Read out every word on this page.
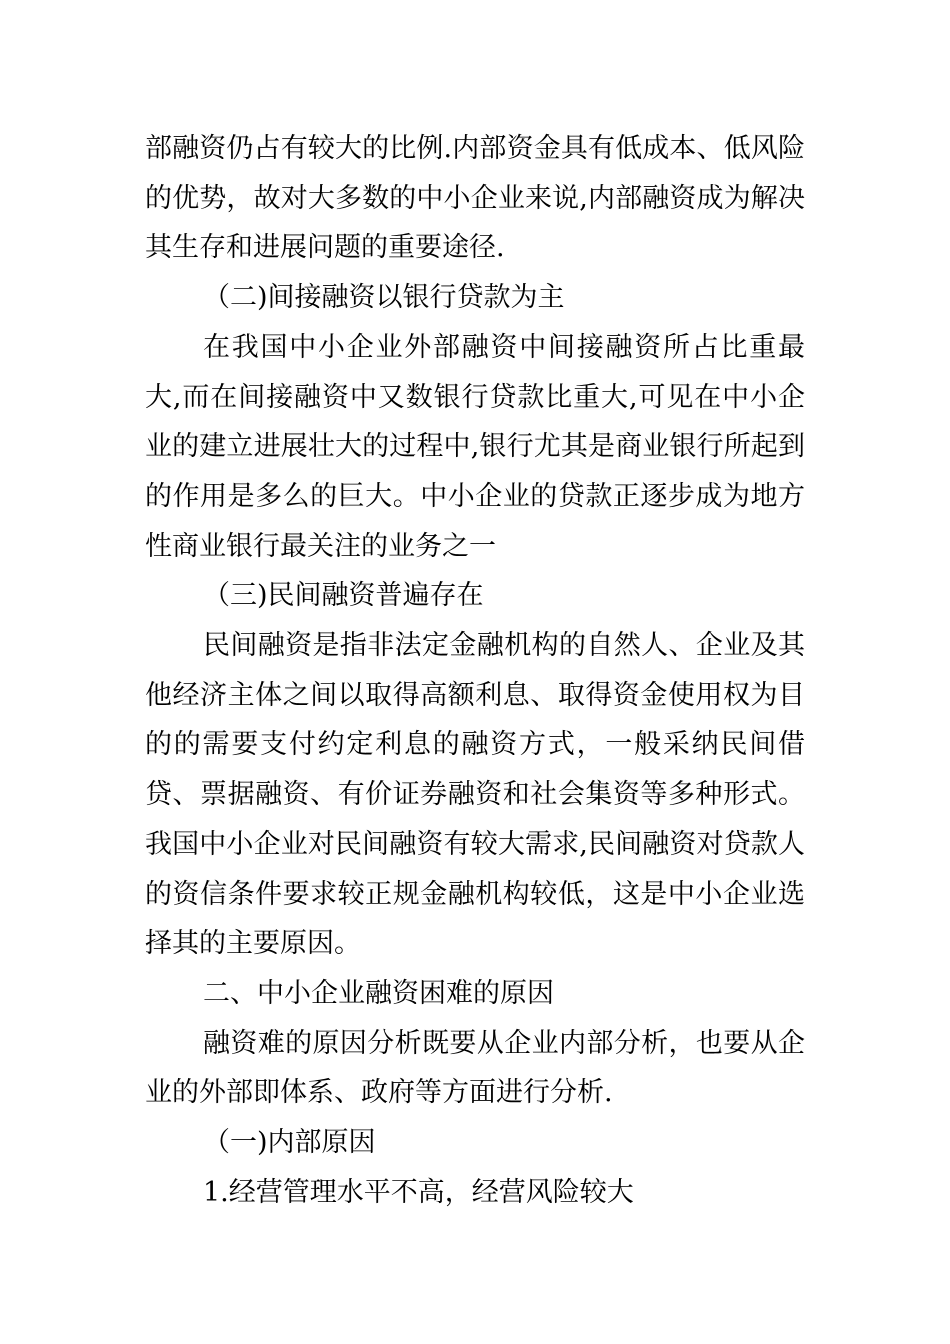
部融资仍占有较大的比例.内部资金具有低成本、低风险的优势，故对大多数的中小企业来说,内部融资成为解决其生存和进展问题的重要途径.

（二)间接融资以银行贷款为主

在我国中小企业外部融资中间接融资所占比重最大,而在间接融资中又数银行贷款比重大,可见在中小企业的建立进展壮大的过程中,银行尤其是商业银行所起到的作用是多么的巨大。中小企业的贷款正逐步成为地方性商业银行最关注的业务之一

（三)民间融资普遍存在

民间融资是指非法定金融机构的自然人、企业及其他经济主体之间以取得高额利息、取得资金使用权为目的的需要支付约定利息的融资方式，一般采纳民间借贷、票据融资、有价证券融资和社会集资等多种形式。我国中小企业对民间融资有较大需求,民间融资对贷款人的资信条件要求较正规金融机构较低，这是中小企业选择其的主要原因。

二、中小企业融资困难的原因

融资难的原因分析既要从企业内部分析，也要从企业的外部即体系、政府等方面进行分析.

（一)内部原因

1.经营管理水平不高，经营风险较大
